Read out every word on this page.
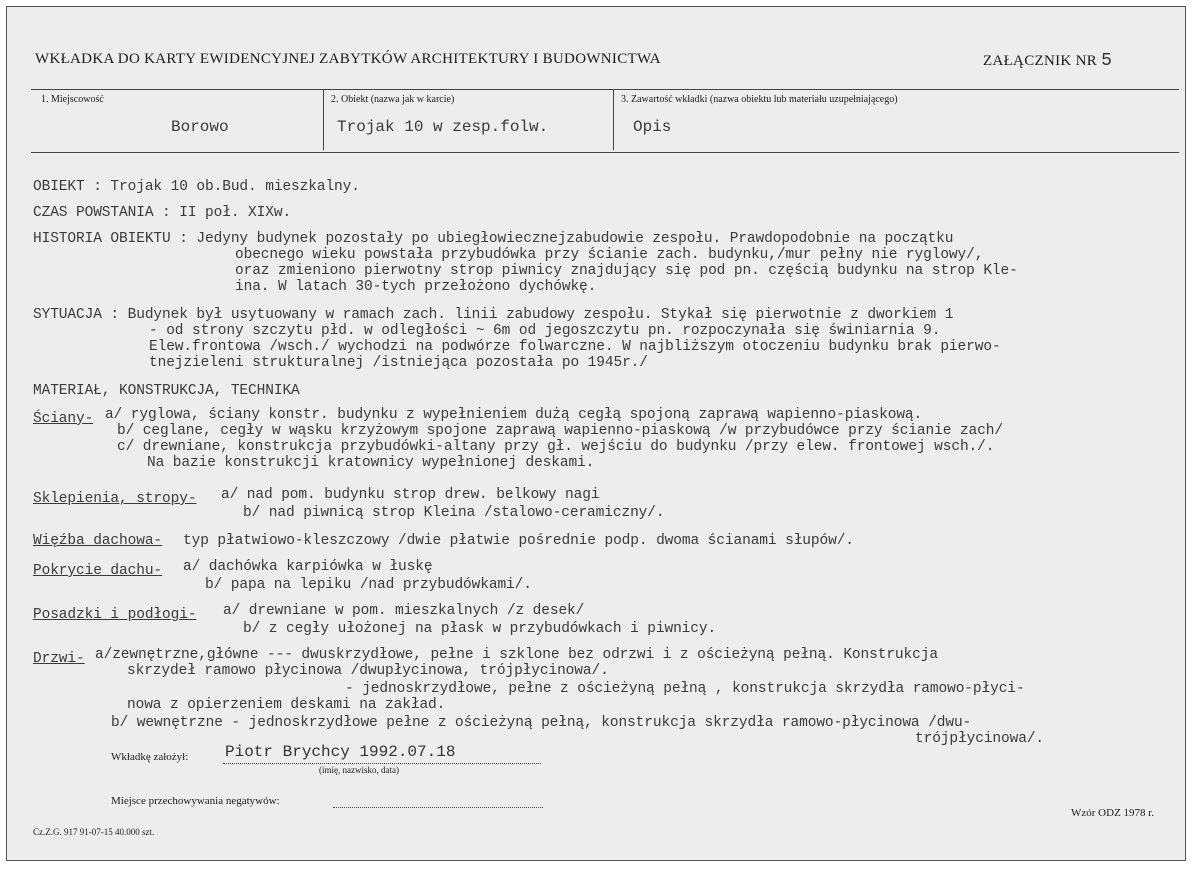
WKŁADKA DO KARTY EWIDENCYJNEJ ZABYTKÓW ARCHITEKTURY I BUDOWNICTWA	ZAŁĄCZNIK NR 5
1. Miejscowość
Borowo
2. Obiekt (nazwa jak w karcie)
Trojak 10 w zesp.folw.
3. Zawartość wkładki (nazwa obiektu lub materiału uzupełniającego)
Opis
OBIEKT : Trojak 10 ob.Bud. mieszkalny.
CZAS POWSTANIA : II poł. XIXw.
HISTORIA OBIEKTU : Jedyny budynek pozostały po ubiegłowiecznejzabudowie zespołu. Prawdopodobnie na początku
obecnego wieku powstała przybudówka przy ścianie zach. budynku,/mur pełny nie ryglowy/,
oraz zmieniono pierwotny strop piwnicy znajdujący się pod pn. częścią budynku na strop Kle-
ina. W latach 30-tych przełożono dychówkę.
SYTUACJA : Budynek był usytuowany w ramach zach. linii zabudowy zespołu. Stykał się pierwotnie z dworkiem 1
- od strony szczytu płd. w odległości ~ 6m od jegoszczytu pn. rozpoczynała się świniarnia 9.
Elew.frontowa /wsch./ wychodzi na podwórze folwarczne. W najbliższym otoczeniu budynku brak pierwo-
tnejzieleni strukturalnej /istniejąca pozostała po 1945r./
MATERIAŁ, KONSTRUKCJA, TECHNIKA
Ściany- a/ ryglowa, ściany konstr. budynku z wypełnieniem dużą cegłą spojoną zaprawą wapienno-piaskową.
b/ ceglane, cegły w wąsku krzyżowym spojone zaprawą wapienno-piaskową /w przybudówce przy ścianie zach/
c/ drewniane, konstrukcja przybudówki-altany przy gł. wejściu do budynku /przy elew. frontowej wsch./.
Na bazie konstrukcji kratownicy wypełnionej deskami.
Sklepienia, stropy- a/ nad pom. budynku strop drew. belkowy nagi
b/ nad piwnicą strop Kleina /stalowo-ceramiczny/.
Więźba dachowa- typ płatwiowo-kleszczowy /dwie płatwie pośrednie podp. dwoma ścianami słupów/.
Pokrycie dachu- a/ dachówka karpiówka w łuskę
b/ papa na lepiku /nad przybudówkami/.
Posadzki i podłogi- a/ drewniane w pom. mieszkalnych /z desek/
b/ z cegły ułożonej na płask w przybudówkach i piwnicy.
Drzwi- a/zewnętrzne,główne --- dwuskrzydłowe, pełne i szklone bez odrzwi i z ościeżyną pełną. Konstrukcja
skrzydeł ramowo płycinowa /dwupłycinowa, trójpłycinowa/.
- jednoskrzydłowe, pełne z ościeżyną pełną , konstrukcja skrzydła ramowo-płyci-
nowa z opierzeniem deskami na zakład.
b/ wewnętrzne - jednoskrzydłowe pełne z ościeżyną pełną, konstrukcja skrzydła ramowo-płycinowa /dwu-
trójpłycinowa/.
Wkładkę założył: Piotr Brychcy 1992.07.18
(imię, nazwisko, data)
Miejsce przechowywania negatywów:
Wzór ODZ 1978 r.
Cz.Z.G. 917 91-07-15 40.000 szt.
